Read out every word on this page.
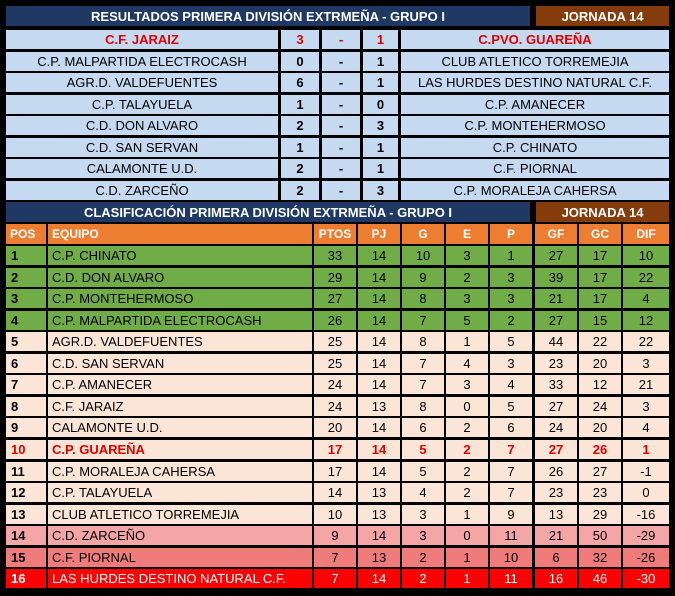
RESULTADOS PRIMERA DIVISIÓN EXTRMEÑA - GRUPO I	JORNADA 14
C.F. JARAIZ	3	-	1	C.PVO. GUAREÑA
C.P. MALPARTIDA ELECTROCASH	0	-	1	CLUB ATLETICO TORREMEJIA
AGR.D. VALDEFUENTES	6	-	1	LAS HURDES DESTINO NATURAL C.F.
C.P. TALAYUELA	1	-	0	C.P. AMANECER
C.D. DON ALVARO	2	-	3	C.P. MONTEHERMOSO
C.D. SAN SERVAN	1	-	1	C.P. CHINATO
CALAMONTE U.D.	2	-	1	C.F. PIORNAL
C.D. ZARCEÑO	2	-	3	C.P. MORALEJA CAHERSA
CLASIFICACIÓN PRIMERA DIVISIÓN EXTRMEÑA - GRUPO I	JORNADA 14
POS	EQUIPO	PTOS	PJ	G	E	P	GF	GC	DIF
1	C.P. CHINATO	33	14	10	3	1	27	17	10
2	C.D. DON ALVARO	29	14	9	2	3	39	17	22
3	C.P. MONTEHERMOSO	27	14	8	3	3	21	17	4
4	C.P. MALPARTIDA ELECTROCASH	26	14	7	5	2	27	15	12
5	AGR.D. VALDEFUENTES	25	14	8	1	5	44	22	22
6	C.D. SAN SERVAN	25	14	7	4	3	23	20	3
7	C.P. AMANECER	24	14	7	3	4	33	12	21
8	C.F. JARAIZ	24	13	8	0	5	27	24	3
9	CALAMONTE U.D.	20	14	6	2	6	24	20	4
10	C.P. GUAREÑA	17	14	5	2	7	27	26	1
11	C.P. MORALEJA CAHERSA	17	14	5	2	7	26	27	-1
12	C.P. TALAYUELA	14	13	4	2	7	23	23	0
13	CLUB ATLETICO TORREMEJIA	10	13	3	1	9	13	29	-16
14	C.D. ZARCEÑO	9	14	3	0	11	21	50	-29
15	C.F. PIORNAL	7	13	2	1	10	6	32	-26
16	LAS HURDES DESTINO NATURAL C.F.	7	14	2	1	11	16	46	-30
